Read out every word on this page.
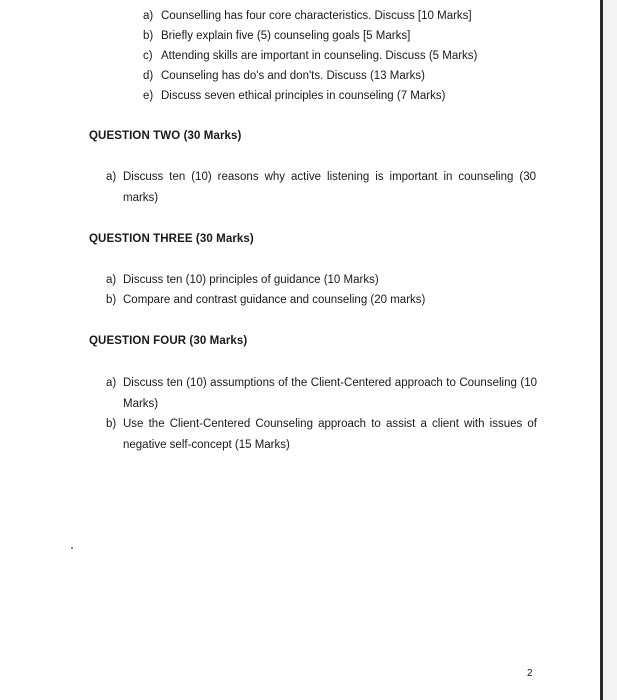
a) Counselling has four core characteristics. Discuss [10 Marks]
b) Briefly explain five (5) counseling goals [5 Marks]
c) Attending skills are important in counseling. Discuss (5 Marks)
d) Counseling has do's and don'ts. Discuss (13 Marks)
e) Discuss seven ethical principles in counseling (7 Marks)
QUESTION TWO (30 Marks)
a) Discuss ten (10) reasons why active listening is important in counseling (30 marks)
QUESTION THREE (30 Marks)
a) Discuss ten (10) principles of guidance (10 Marks)
b) Compare and contrast guidance and counseling (20 marks)
QUESTION FOUR (30 Marks)
a) Discuss ten (10) assumptions of the Client-Centered approach to Counseling (10 Marks)
b) Use the Client-Centered Counseling approach to assist a client with issues of negative self-concept (15 Marks)
2
